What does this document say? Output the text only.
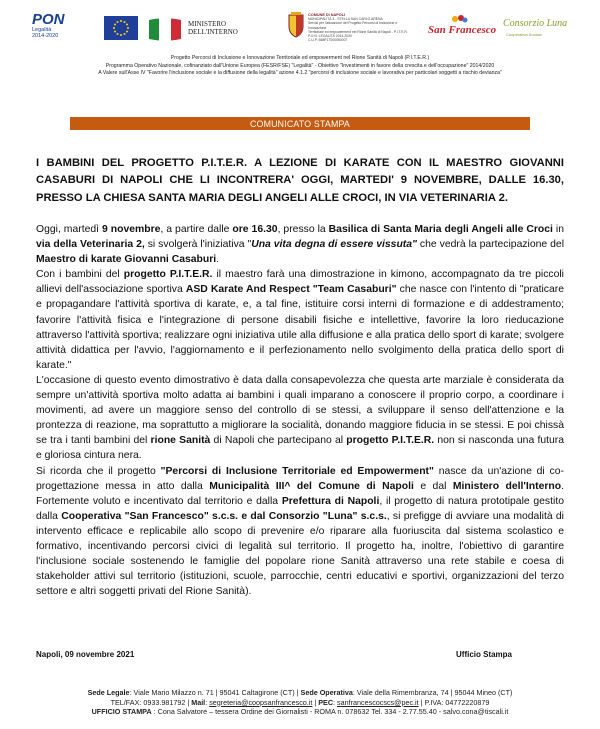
PON
Legalità
2014-2020
MINISTERO
DELL'INTERNO
COMUNE DI NAPOLI
MUNICIPALITÀ 3 - STELLA SAN CARLO ARENA
Servizi per l'attuazione del Progetto Percorsi di Inclusione e Innovazione
Territoriale ed empowerment nel Rione Sanità di Napoli - P.I.T.E.R.
P.O.N. LEGALITÀ 2014-2020
C.U.P. B68F17000060007
San Francesco
Consorzio Luna
Cooperativa Sociale
Progetto Percorsi di Inclusione e Innovazione Territoriale ed empowerment nel Rione Sanità di Napoli (P.I.T.E.R.)
Programma Operativo Nazionale, cofinanziato dall'Unione Europea (FESR/FSE) "Legalità" - Obiettivo "Investimenti in favore della crescita e dell'occupazione" 2014/2020
A Valere sull'Asse IV "Favorire l'inclusione sociale e la diffusione della legalità" azione 4.1.2 "percorsi di inclusione sociale e lavorativa per particolari soggetti a rischio devianza"
COMUNICATO STAMPA
I BAMBINI DEL PROGETTO P.I.T.E.R. A LEZIONE DI KARATE CON IL MAESTRO GIOVANNI CASABURI DI NAPOLI CHE LI INCONTRERA' OGGI, MARTEDI' 9 NOVEMBRE, DALLE 16.30, PRESSO LA CHIESA SANTA MARIA DEGLI ANGELI ALLE CROCI, IN VIA VETERINARIA 2.

Oggi, martedì 9 novembre, a partire dalle ore 16.30, presso la Basilica di Santa Maria degli Angeli alle Croci in via della Veterinaria 2, si svolgerà l'iniziativa "Una vita degna di essere vissuta" che vedrà la partecipazione del Maestro di karate Giovanni Casaburi.

Con i bambini del progetto P.I.T.E.R. il maestro farà una dimostrazione in kimono, accompagnato da tre piccoli allievi dell'associazione sportiva ASD Karate And Respect "Team Casaburi" che nasce con l'intento di "praticare e propagandare l'attività sportiva di karate, e, a tal fine, istituire corsi interni di formazione e di addestramento; favorire l'attività fisica e l'integrazione di persone disabili fisiche e intellettive, favorire la loro rieducazione attraverso l'attività sportiva; realizzare ogni iniziativa utile alla diffusione e alla pratica dello sport di karate; svolgere attività didattica per l'avvio, l'aggiornamento e il perfezionamento nello svolgimento della pratica dello sport di karate."

L'occasione di questo evento dimostrativo è data dalla consapevolezza che questa arte marziale è considerata da sempre un'attività sportiva molto adatta ai bambini i quali imparano a conoscere il proprio corpo, a coordinare i movimenti, ad avere un maggiore senso del controllo di se stessi, a sviluppare il senso dell'attenzione e la prontezza di reazione, ma soprattutto a migliorare la socialità, donando maggiore fiducia in se stessi. E poi chissà se tra i tanti bambini del rione Sanità di Napoli che partecipano al progetto P.I.T.E.R. non si nasconda una futura e gloriosa cintura nera.

Si ricorda che il progetto "Percorsi di Inclusione Territoriale ed Empowerment" nasce da un'azione di co-progettazione messa in atto dalla Municipalità III^ del Comune di Napoli e dal Ministero dell'Interno. Fortemente voluto e incentivato dal territorio e dalla Prefettura di Napoli, il progetto di natura prototipale gestito dalla Cooperativa "San Francesco" s.c.s. e dal Consorzio "Luna" s.c.s., si prefigge di avviare una modalità di intervento efficace e replicabile allo scopo di prevenire e/o riparare alla fuoriuscita dal sistema scolastico e formativo, incentivando percorsi civici di legalità sul territorio. Il progetto ha, inoltre, l'obiettivo di garantire l'inclusione sociale sostenendo le famiglie del popolare rione Sanità attraverso una rete stabile e coesa di stakeholder attivi sul territorio (istituzioni, scuole, parrocchie, centri educativi e sportivi, organizzazioni del terzo settore e altri soggetti privati del Rione Sanità).

Napoli, 09 novembre 2021	Ufficio Stampa
Sede Legale: Viale Mario Milazzo n. 71 | 95041 Caltagirone (CT) | Sede Operativa: Viale della Rimembranza, 74 | 95044 Mineo (CT)
TEL/FAX: 0933.981792 | Mail: segreteria@coopsanfrancesco.it | PEC: sanfrancescocscs@pec.it | P.IVA: 04772220879
UFFICIO STAMPA : Cona Salvatore – tessera Ordine dei Giornalisti - ROMA n. 078632 Tel. 334 - 2.77.55.40 - salvo.cona@tiscali.it
